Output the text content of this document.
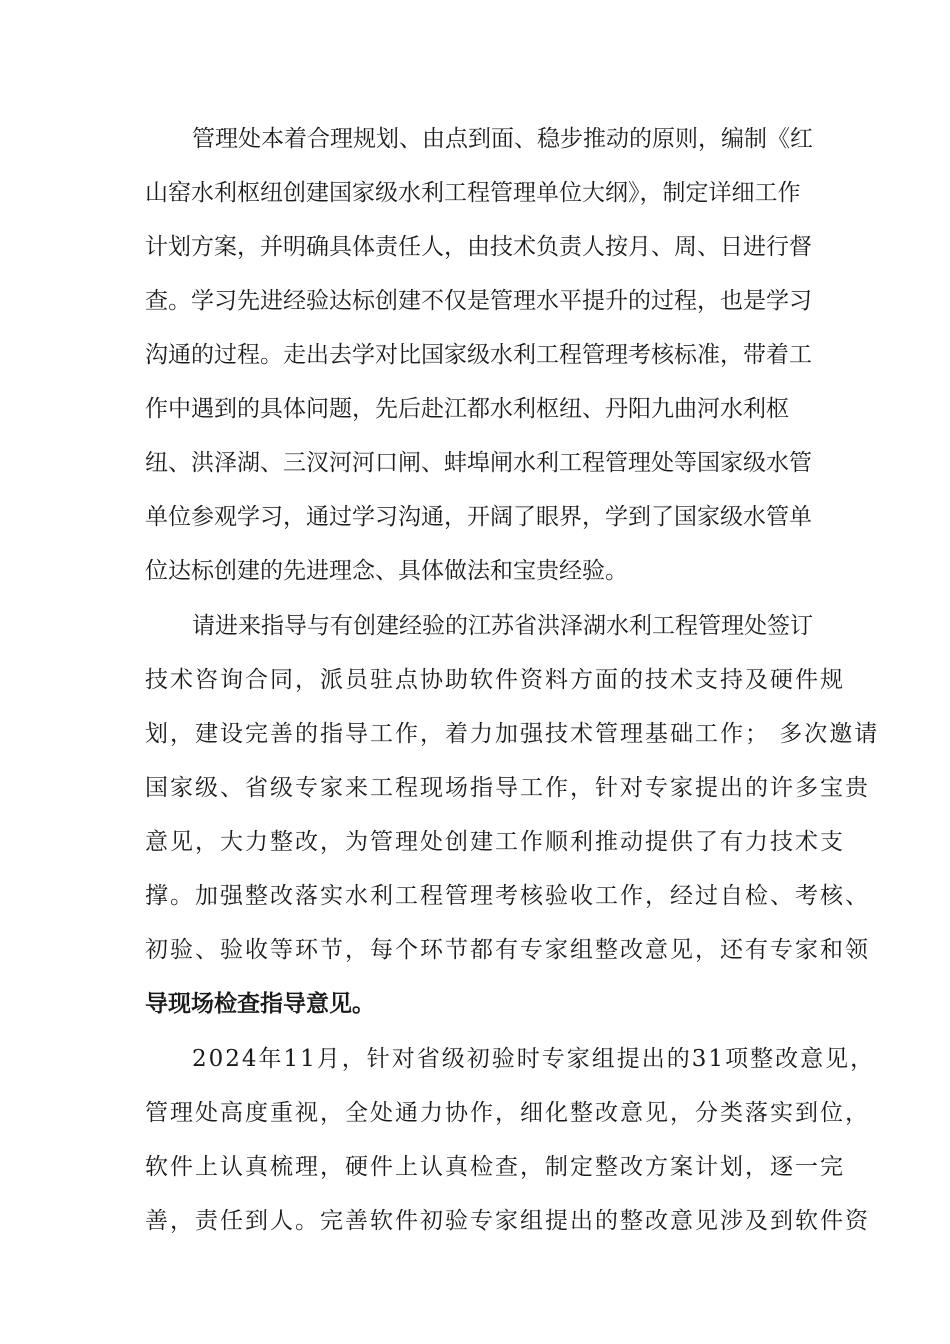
管理处本着合理规划、由点到面、稳步推动的原则，编制《红
山窑水利枢纽创建国家级水利工程管理单位大纲》，制定详细工作
计划方案，并明确具体责任人，由技术负责人按月、周、日进行督
查。学习先进经验达标创建不仅是管理水平提升的过程，也是学习
沟通的过程。走出去学对比国家级水利工程管理考核标准，带着工
作中遇到的具体问题，先后赴江都水利枢纽、丹阳九曲河水利枢
纽、洪泽湖、三汊河河口闸、蚌埠闸水利工程管理处等国家级水管
单位参观学习，通过学习沟通，开阔了眼界，学到了国家级水管单
位达标创建的先进理念、具体做法和宝贵经验。
请进来指导与有创建经验的江苏省洪泽湖水利工程管理处签订
技术咨询合同，派员驻点协助软件资料方面的技术支持及硬件规
划，建设完善的指导工作，着力加强技术管理基础工作； 多次邀请
国家级、省级专家来工程现场指导工作，针对专家提出的许多宝贵
意见，大力整改，为管理处创建工作顺利推动提供了有力技术支
撑。加强整改落实水利工程管理考核验收工作，经过自检、考核、
初验、验收等环节，每个环节都有专家组整改意见，还有专家和领
导现场检查指导意见。
2024年11月，针对省级初验时专家组提出的31项整改意见，
管理处高度重视，全处通力协作，细化整改意见，分类落实到位，
软件上认真梳理，硬件上认真检查，制定整改方案计划，逐一完
善，责任到人。完善软件初验专家组提出的整改意见涉及到软件资
